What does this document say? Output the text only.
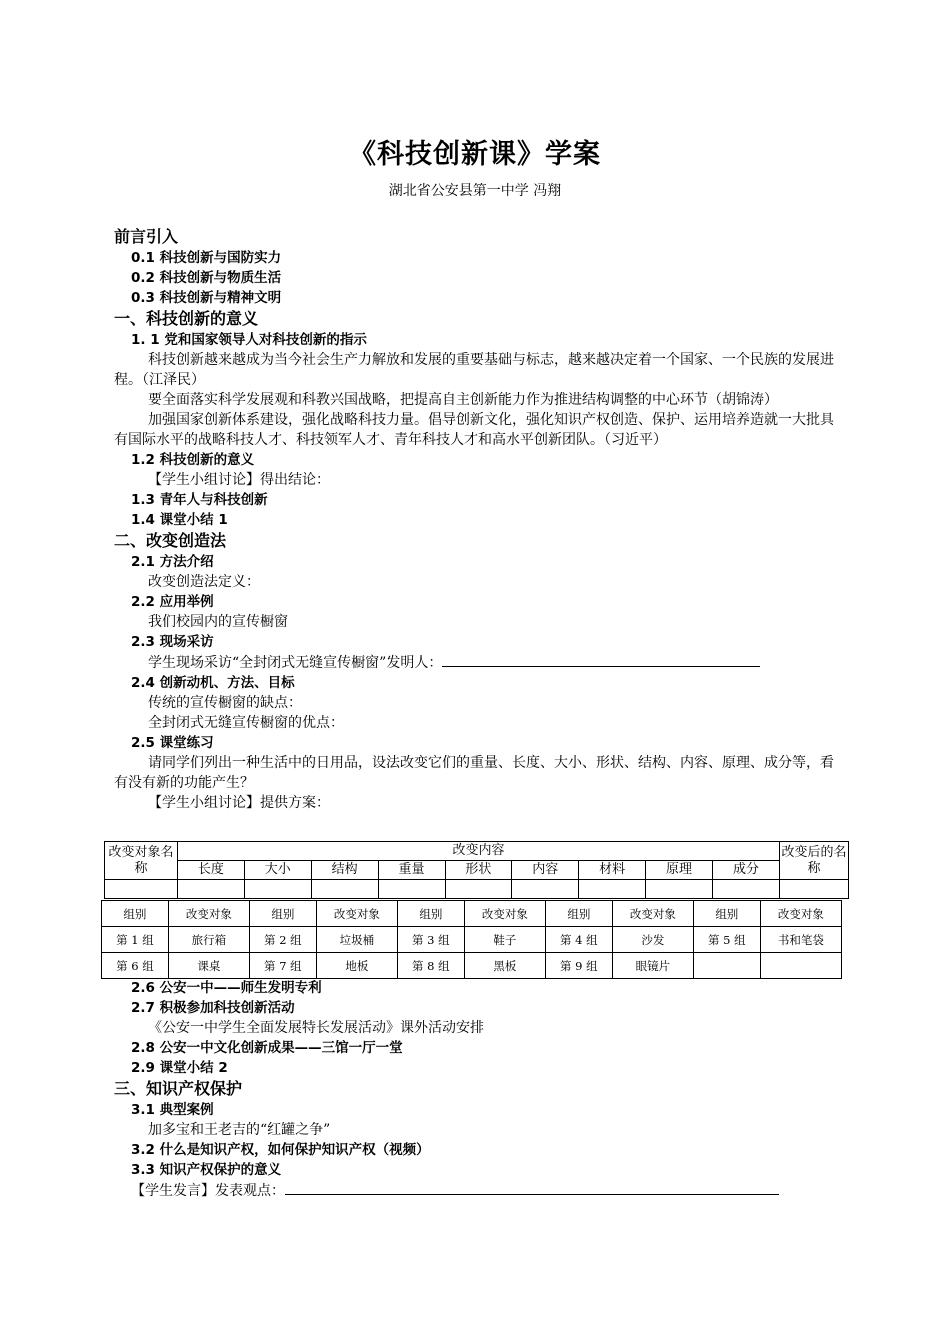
《科技创新课》学案
湖北省公安县第一中学 冯翔
前言引入
0.1 科技创新与国防实力
0.2 科技创新与物质生活
0.3 科技创新与精神文明
一、科技创新的意义
1. 1 党和国家领导人对科技创新的指示
科技创新越来越成为当今社会生产力解放和发展的重要基础与标志，越来越决定着一个国家、一个民族的发展进程。（江泽民）
要全面落实科学发展观和科教兴国战略，把提高自主创新能力作为推进结构调整的中心环节（胡锦涛）
加强国家创新体系建设，强化战略科技力量。倡导创新文化，强化知识产权创造、保护、运用培养造就一大批具有国际水平的战略科技人才、科技领军人才、青年科技人才和高水平创新团队。（习近平）
1.2 科技创新的意义
【学生小组讨论】得出结论：
1.3 青年人与科技创新
1.4 课堂小结 1
二、改变创造法
2.1 方法介绍
改变创造法定义：
2.2 应用举例
我们校园内的宣传橱窗
2.3 现场采访
学生现场采访“全封闭式无缝宣传橱窗”发明人：
2.4 创新动机、方法、目标
传统的宣传橱窗的缺点：
全封闭式无缝宣传橱窗的优点：
2.5 课堂练习
请同学们列出一种生活中的日用品，设法改变它们的重量、长度、大小、形状、结构、内容、原理、成分等，看有没有新的功能产生？
【学生小组讨论】提供方案：
改变对象名称	改变内容									改变后的名称
	长度	大小	结构	重量	形状	内容	材料	原理	成分	

组别	改变对象	组别	改变对象	组别	改变对象	组别	改变对象	组别	改变对象
第 1 组	旅行箱	第 2 组	垃圾桶	第 3 组	鞋子	第 4 组	沙发	第 5 组	书和笔袋
第 6 组	课桌	第 7 组	地板	第 8 组	黑板	第 9 组	眼镜片		
2.6 公安一中——师生发明专利
2.7 积极参加科技创新活动
《公安一中学生全面发展特长发展活动》课外活动安排
2.8 公安一中文化创新成果——三馆一厅一堂
2.9 课堂小结 2
三、知识产权保护
3.1 典型案例
加多宝和王老吉的“红罐之争”
3.2 什么是知识产权，如何保护知识产权（视频）
3.3 知识产权保护的意义
【学生发言】发表观点：
